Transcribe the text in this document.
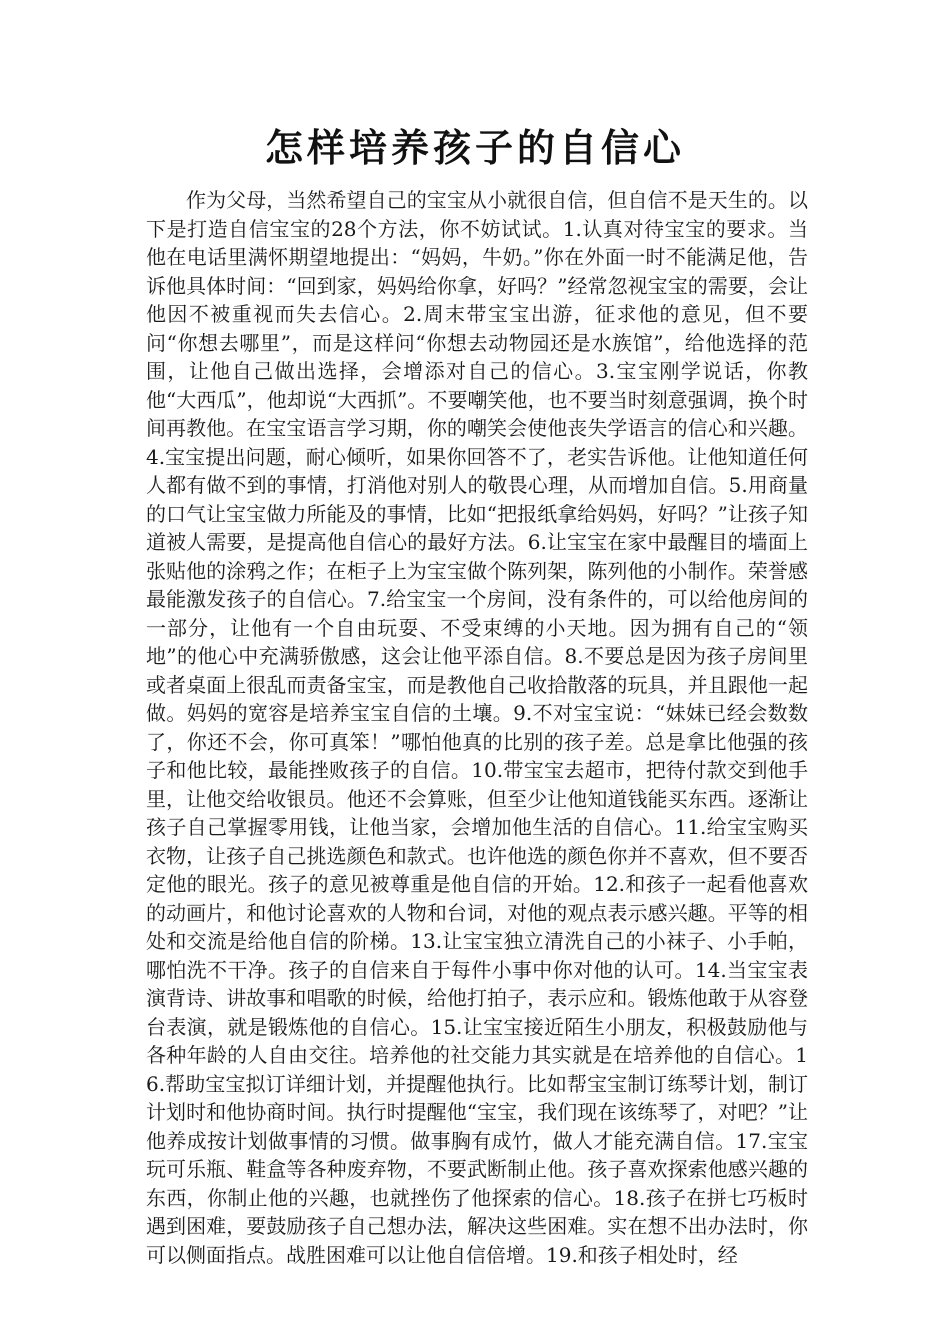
怎样培养孩子的自信心

作为父母，当然希望自己的宝宝从小就很自信，但自信不是天生的。以下是打造自信宝宝的28个方法，你不妨试试。1.认真对待宝宝的要求。当他在电话里满怀期望地提出：“妈妈，牛奶。”你在外面一时不能满足他，告诉他具体时间：“回到家，妈妈给你拿，好吗？”经常忽视宝宝的需要，会让他因不被重视而失去信心。2.周末带宝宝出游，征求他的意见，但不要问“你想去哪里”，而是这样问“你想去动物园还是水族馆”，给他选择的范围，让他自己做出选择，会增添对自己的信心。3.宝宝刚学说话，你教他“大西瓜”，他却说“大西抓”。不要嘲笑他，也不要当时刻意强调，换个时间再教他。在宝宝语言学习期，你的嘲笑会使他丧失学语言的信心和兴趣。4.宝宝提出问题，耐心倾听，如果你回答不了，老实告诉他。让他知道任何人都有做不到的事情，打消他对别人的敬畏心理，从而增加自信。5.用商量的口气让宝宝做力所能及的事情，比如“把报纸拿给妈妈，好吗？”让孩子知道被人需要，是提高他自信心的最好方法。6.让宝宝在家中最醒目的墙面上张贴他的涂鸦之作；在柜子上为宝宝做个陈列架，陈列他的小制作。荣誉感最能激发孩子的自信心。7.给宝宝一个房间，没有条件的，可以给他房间的一部分，让他有一个自由玩耍、不受束缚的小天地。因为拥有自己的“领地”的他心中充满骄傲感，这会让他平添自信。8.不要总是因为孩子房间里或者桌面上很乱而责备宝宝，而是教他自己收拾散落的玩具，并且跟他一起做。妈妈的宽容是培养宝宝自信的土壤。9.不对宝宝说：“妹妹已经会数数了，你还不会，你可真笨！”哪怕他真的比别的孩子差。总是拿比他强的孩子和他比较，最能挫败孩子的自信。10.带宝宝去超市，把待付款交到他手里，让他交给收银员。他还不会算账，但至少让他知道钱能买东西。逐渐让孩子自己掌握零用钱，让他当家，会增加他生活的自信心。11.给宝宝购买衣物，让孩子自己挑选颜色和款式。也许他选的颜色你并不喜欢，但不要否定他的眼光。孩子的意见被尊重是他自信的开始。12.和孩子一起看他喜欢的动画片，和他讨论喜欢的人物和台词，对他的观点表示感兴趣。平等的相处和交流是给他自信的阶梯。13.让宝宝独立清洗自己的小袜子、小手帕，哪怕洗不干净。孩子的自信来自于每件小事中你对他的认可。14.当宝宝表演背诗、讲故事和唱歌的时候，给他打拍子，表示应和。锻炼他敢于从容登台表演，就是锻炼他的自信心。15.让宝宝接近陌生小朋友，积极鼓励他与各种年龄的人自由交往。培养他的社交能力其实就是在培养他的自信心。16.帮助宝宝拟订详细计划，并提醒他执行。比如帮宝宝制订练琴计划，制订计划时和他协商时间。执行时提醒他“宝宝，我们现在该练琴了，对吧？”让他养成按计划做事情的习惯。做事胸有成竹，做人才能充满自信。17.宝宝玩可乐瓶、鞋盒等各种废弃物，不要武断制止他。孩子喜欢探索他感兴趣的东西，你制止他的兴趣，也就挫伤了他探索的信心。18.孩子在拼七巧板时遇到困难，要鼓励孩子自己想办法，解决这些困难。实在想不出办法时，你可以侧面指点。战胜困难可以让他自信倍增。19.和孩子相处时，经
